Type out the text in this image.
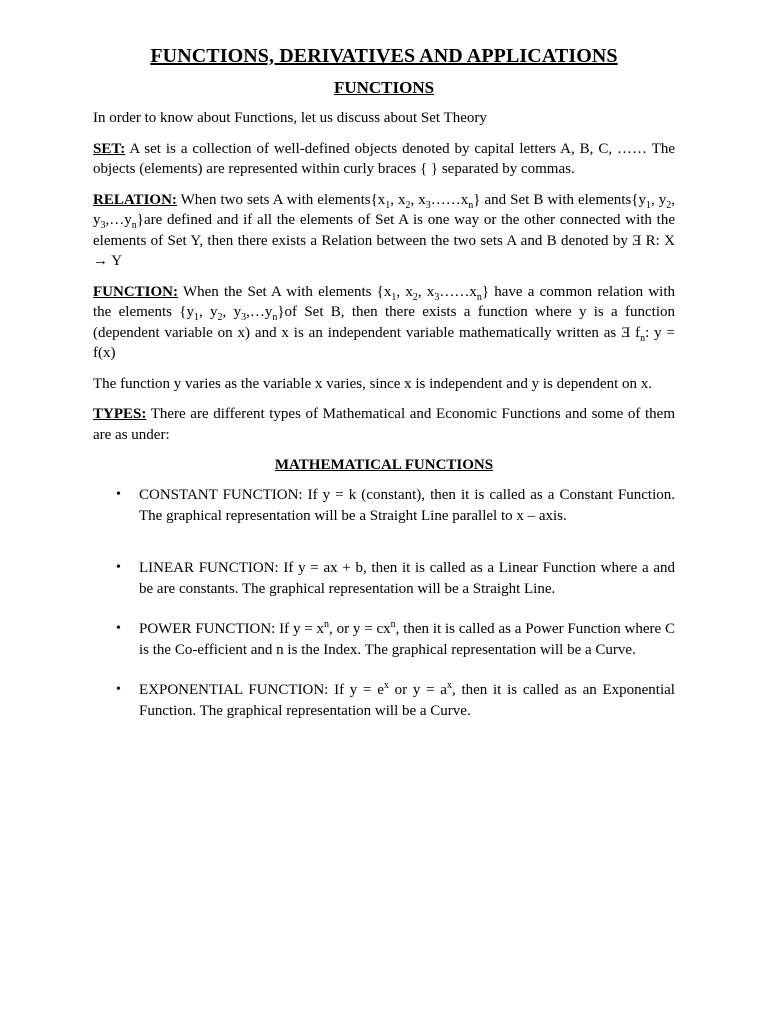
FUNCTIONS, DERIVATIVES AND APPLICATIONS
FUNCTIONS

In order to know about Functions, let us discuss about Set Theory

SET: A set is a collection of well-defined objects denoted by capital letters A, B, C, …… The objects (elements) are represented within curly braces { } separated by commas.

RELATION: When two sets A with $elements\{x_1$, $x_2$, $x_3\dots\dots x_n$} and Set B with $elements\{y_1$, $y_2$, $y_3,\dots y_n\}are$ defined and if all the elements of Set A is one way or the other connected with the elements of Set Y, then there exists a Relation between the two sets A and B denoted by Ǝ R: X → Y

FUNCTION: When the Set A with elements {$x_1$, $x_2$, $x_3\dots\dots x_n$} have a common relation with the elements {$y_1$, $y_2$, $y_3,\dots y_n\}of$ Set B, then there exists a function where y is a function (dependent variable on x) and x is an independent variable mathematically written as Ǝ $f_n$: y = f(x)

The function y varies as the variable x varies, since x is independent and y is dependent on x.

TYPES: There are different types of Mathematical and Economic Functions and some of them are as under:

MATHEMATICAL FUNCTIONS
• CONSTANT FUNCTION: If y = k (constant), then it is called as a Constant Function. The graphical representation will be a Straight Line parallel to x – axis.
• LINEAR FUNCTION: If y = ax + b, then it is called as a Linear Function where a and be are constants. The graphical representation will be a Straight Line.
• POWER FUNCTION: If $y = x^n$, or $y = cx^n$, then it is called as a Power Function where C is the Co-efficient and n is the Index. The graphical representation will be a Curve.
• EXPONENTIAL FUNCTION: If $y = e^x$ or $y = a^x$, then it is called as an Exponential Function. The graphical representation will be a Curve.
